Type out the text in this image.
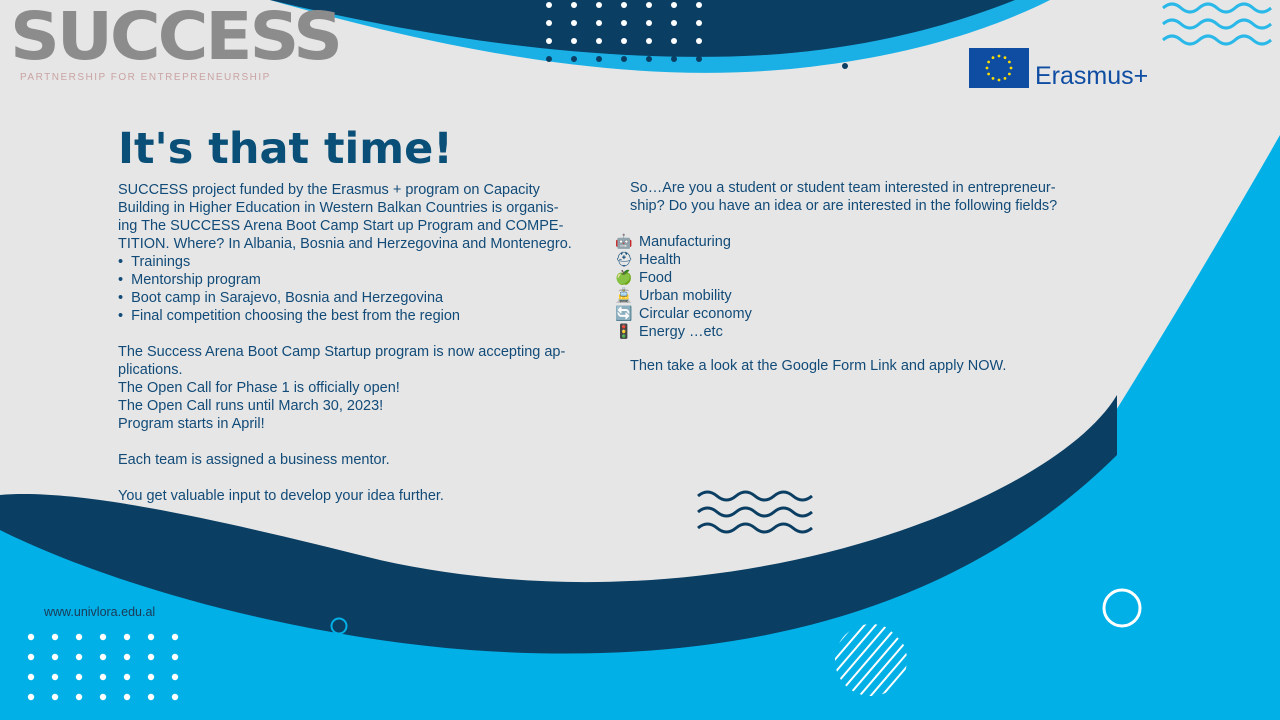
SUCCESS
PARTNERSHIP FOR ENTREPRENEURSHIP	Erasmus+
It's that time!

SUCCESS project funded by the Erasmus + program on Capacity

Building in Higher Education in Western Balkan Countries is organis-

ing The SUCCESS Arena Boot Camp Start up Program and COMPE-

TITION. Where? In Albania, Bosnia and Herzegovina and Montenegro.

•  Trainings

•  Mentorship program

•  Boot camp in Sarajevo, Bosnia and Herzegovina

•  Final competition choosing the best from the region

The Success Arena Boot Camp Startup program is now accepting ap-

plications.

The Open Call for Phase 1 is officially open!

The Open Call runs until March 30, 2023!

Program starts in April!

Each team is assigned a business mentor.

You get valuable input to develop your idea further.

So…Are you a student or student team interested in entrepreneur-

ship? Do you have an idea or are interested in the following fields?

🤖 Manufacturing
⛑ Health
🍏 Food
🚊 Urban mobility
🔄 Circular economy
🚦 Energy …etc
Then take a look at the Google Form Link and apply NOW.
www.univlora.edu.al
